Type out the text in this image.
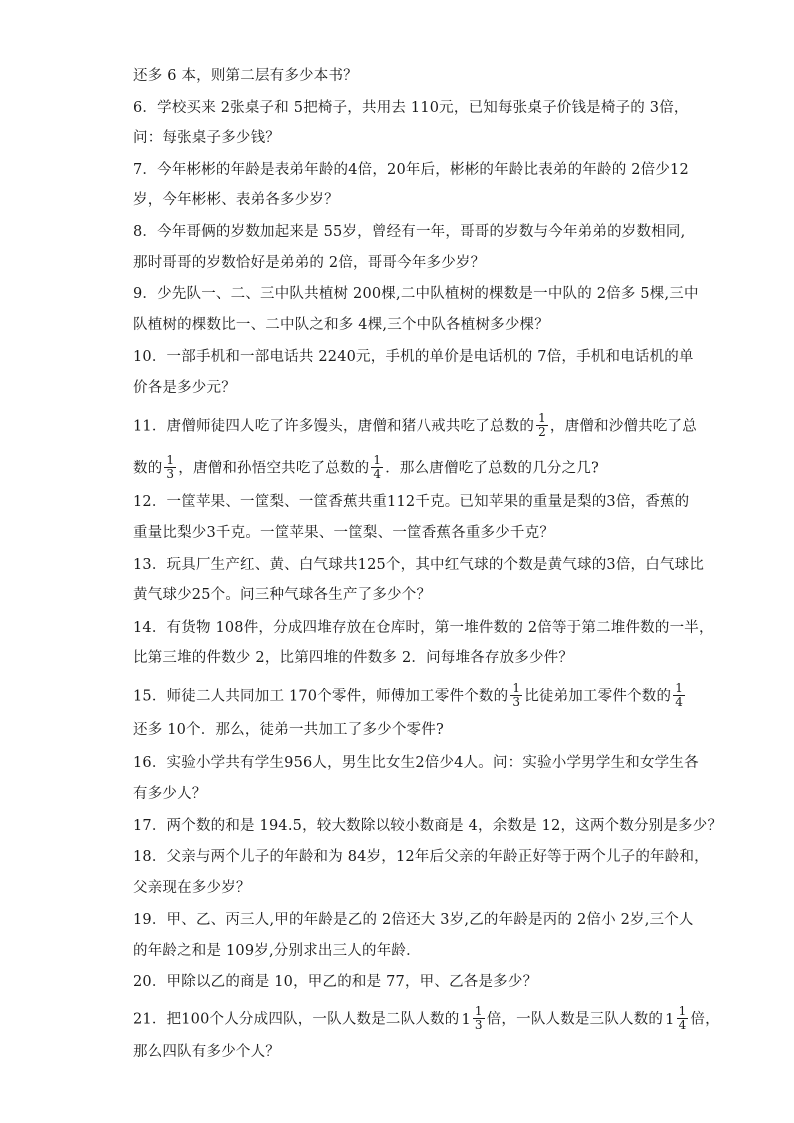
还多 6 本，则第二层有多少本书？
6．学校买来 2张桌子和 5把椅子，共用去 110元，已知每张桌子价钱是椅子的 3倍，
问：每张桌子多少钱？
7．今年彬彬的年龄是表弟年龄的4倍，20年后，彬彬的年龄比表弟的年龄的 2倍少12
岁，今年彬彬、表弟各多少岁？
8．今年哥俩的岁数加起来是 55岁，曾经有一年，哥哥的岁数与今年弟弟的岁数相同,
那时哥哥的岁数恰好是弟弟的 2倍，哥哥今年多少岁？
9．少先队一、二、三中队共植树 200棵,二中队植树的棵数是一中队的 2倍多 5棵,三中
队植树的棵数比一、二中队之和多 4棵,三个中队各植树多少棵？
10．一部手机和一部电话共 2240元，手机的单价是电话机的 7倍，手机和电话机的单
价各是多少元？
11．唐僧师徒四人吃了许多馒头，唐僧和猪八戒共吃了总数的 $\frac{1}{2}$ ，唐僧和沙僧共吃了总
数的 $\frac{1}{3}$ ，唐僧和孙悟空共吃了总数的 $\frac{1}{4}$ ．那么唐僧吃了总数的几分之几?
12．一筐苹果、一筐梨、一筐香蕉共重112千克。已知苹果的重量是梨的3倍，香蕉的
重量比梨少3千克。一筐苹果、一筐梨、一筐香蕉各重多少千克？
13．玩具厂生产红、黄、白气球共125个，其中红气球的个数是黄气球的3倍，白气球比
黄气球少25个。问三种气球各生产了多少个？
14．有货物 108件，分成四堆存放在仓库时，第一堆件数的 2倍等于第二堆件数的一半，
比第三堆的件数少 2，比第四堆的件数多 2．问每堆各存放多少件？
15．师徒二人共同加工 170个零件，师傅加工零件个数的 $\frac{1}{3}$ 比徒弟加工零件个数的 $\frac{1}{4}$
还多 10个．那么，徒弟一共加工了多少个零件?
16．实验小学共有学生956人，男生比女生2倍少4人。问：实验小学男学生和女学生各
有多少人？
17．两个数的和是 194.5，较大数除以较小数商是 4，余数是 12，这两个数分别是多少？
18．父亲与两个儿子的年龄和为 84岁，12年后父亲的年龄正好等于两个儿子的年龄和，
父亲现在多少岁？
19．甲、乙、丙三人,甲的年龄是乙的 2倍还大 3岁,乙的年龄是丙的 2倍小 2岁,三个人
的年龄之和是 109岁,分别求出三人的年龄．
20．甲除以乙的商是 10，甲乙的和是 77，甲、乙各是多少？
21．把100个人分成四队，一队人数是二队人数的 $1 \frac{1}{3}$ 倍，一队人数是三队人数的 $1 \frac{1}{4}$ 倍，
那么四队有多少个人？
